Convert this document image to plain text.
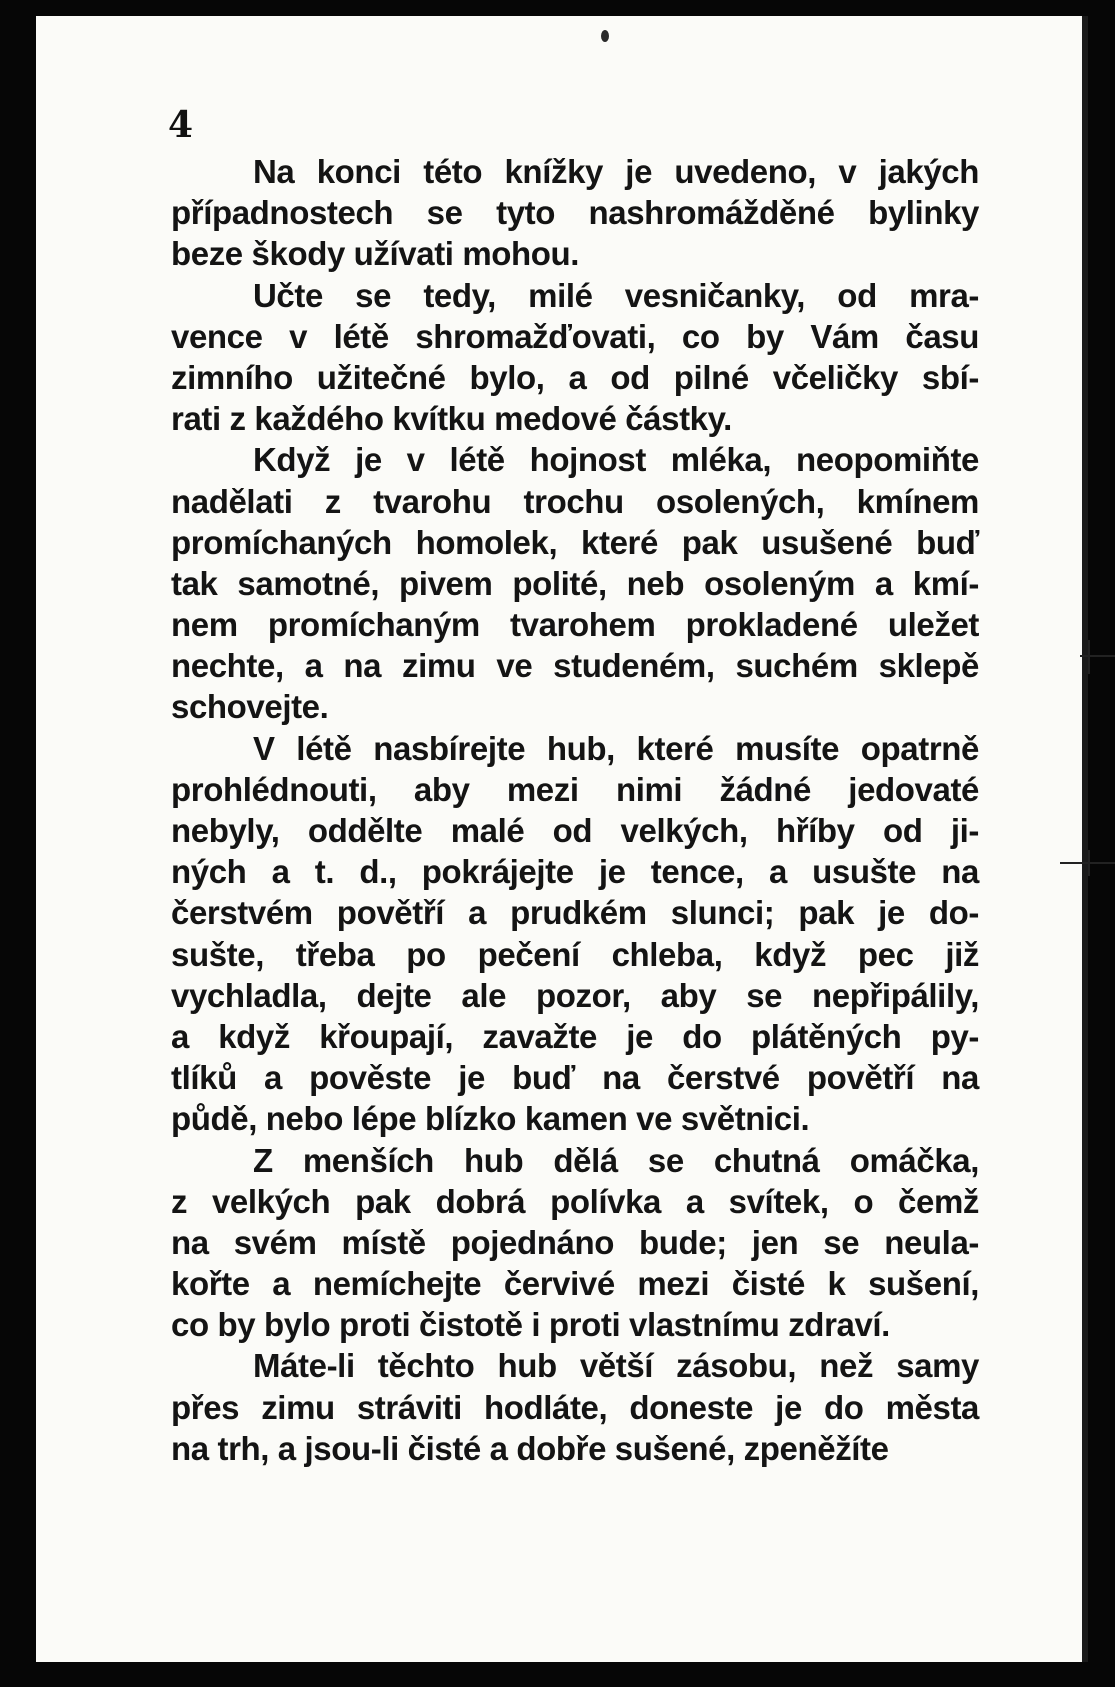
4

Na konci této knížky je uvedeno, v jakých
případnostech se tyto nashromážděné bylinky
beze škody užívati mohou.
Učte se tedy, milé vesničanky, od mra-
vence v létě shromažďovati, co by Vám času
zimního užitečné bylo, a od pilné včeličky sbí-
rati z každého kvítku medové částky.
Když je v létě hojnost mléka, neopomiňte
nadělati z tvarohu trochu osolených, kmínem
promíchaných homolek, které pak usušené buď
tak samotné, pivem polité, neb osoleným a kmí-
nem promíchaným tvarohem prokladené uležet
nechte, a na zimu ve studeném, suchém sklepě
schovejte.
V létě nasbírejte hub, které musíte opatrně
prohlédnouti, aby mezi nimi žádné jedovaté
nebyly, oddělte malé od velkých, hříby od ji-
ných a t. d., pokrájejte je tence, a usušte na
čerstvém povětří a prudkém slunci; pak je do-
sušte, třeba po pečení chleba, když pec již
vychladla, dejte ale pozor, aby se nepřipálily,
a když křoupají, zavažte je do plátěných py-
tlíků a pověste je buď na čerstvé povětří na
půdě, nebo lépe blízko kamen ve světnici.
Z menších hub dělá se chutná omáčka,
z velkých pak dobrá polívka a svítek, o čemž
na svém místě pojednáno bude; jen se neula-
kořte a nemíchejte červivé mezi čisté k sušení,
co by bylo proti čistotě i proti vlastnímu zdraví.
Máte-li těchto hub větší zásobu, než samy
přes zimu stráviti hodláte, doneste je do města
na trh, a jsou-li čisté a dobře sušené, zpeněžíte
